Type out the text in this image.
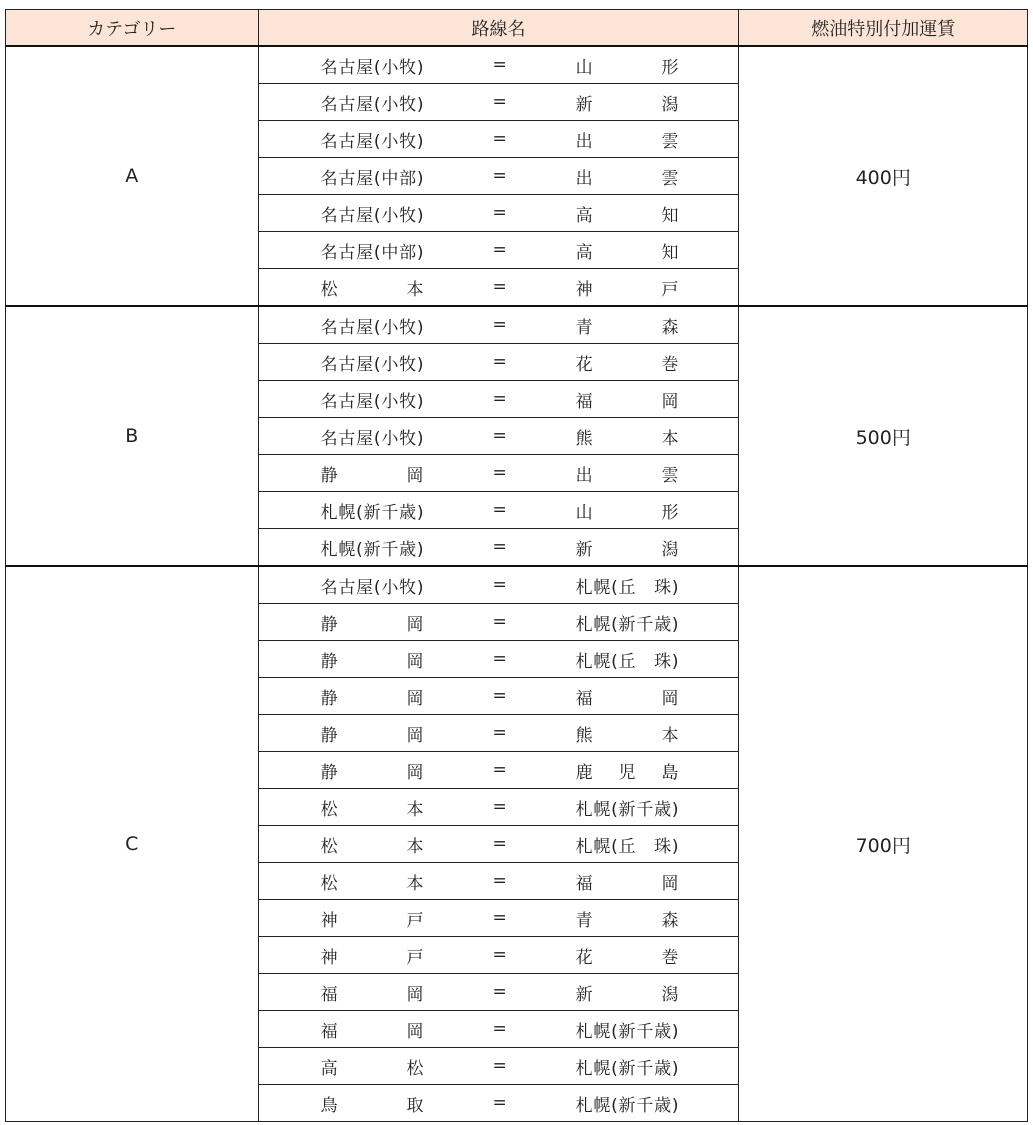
カテゴリー	路線名	燃油特別付加運賃
A	名古屋(小牧) = 山形	400円

	名古屋(小牧) = 新潟	

	名古屋(小牧) = 出雲	

	名古屋(中部) = 出雲	

	名古屋(小牧) = 高知	

	名古屋(中部) = 高知	

	松本 = 神戸	

B	名古屋(小牧) = 青森	500円

	名古屋(小牧) = 花巻	

	名古屋(小牧) = 福岡	

	名古屋(小牧) = 熊本	

	静岡 = 出雲	

	札幌(新千歳) = 山形	

	札幌(新千歳) = 新潟	

C	名古屋(小牧) = 札幌(丘　珠)	700円

	静岡 = 札幌(新千歳)	

	静岡 = 札幌(丘　珠)	

	静岡 = 福岡	

	静岡 = 熊本	

	静岡 = 鹿児島	

	松本 = 札幌(新千歳)	

	松本 = 札幌(丘　珠)	

	松本 = 福岡	

	神戸 = 青森	

	神戸 = 花巻	

	福岡 = 新潟	

	福岡 = 札幌(新千歳)	

	高松 = 札幌(新千歳)	

	鳥取 = 札幌(新千歳)	
